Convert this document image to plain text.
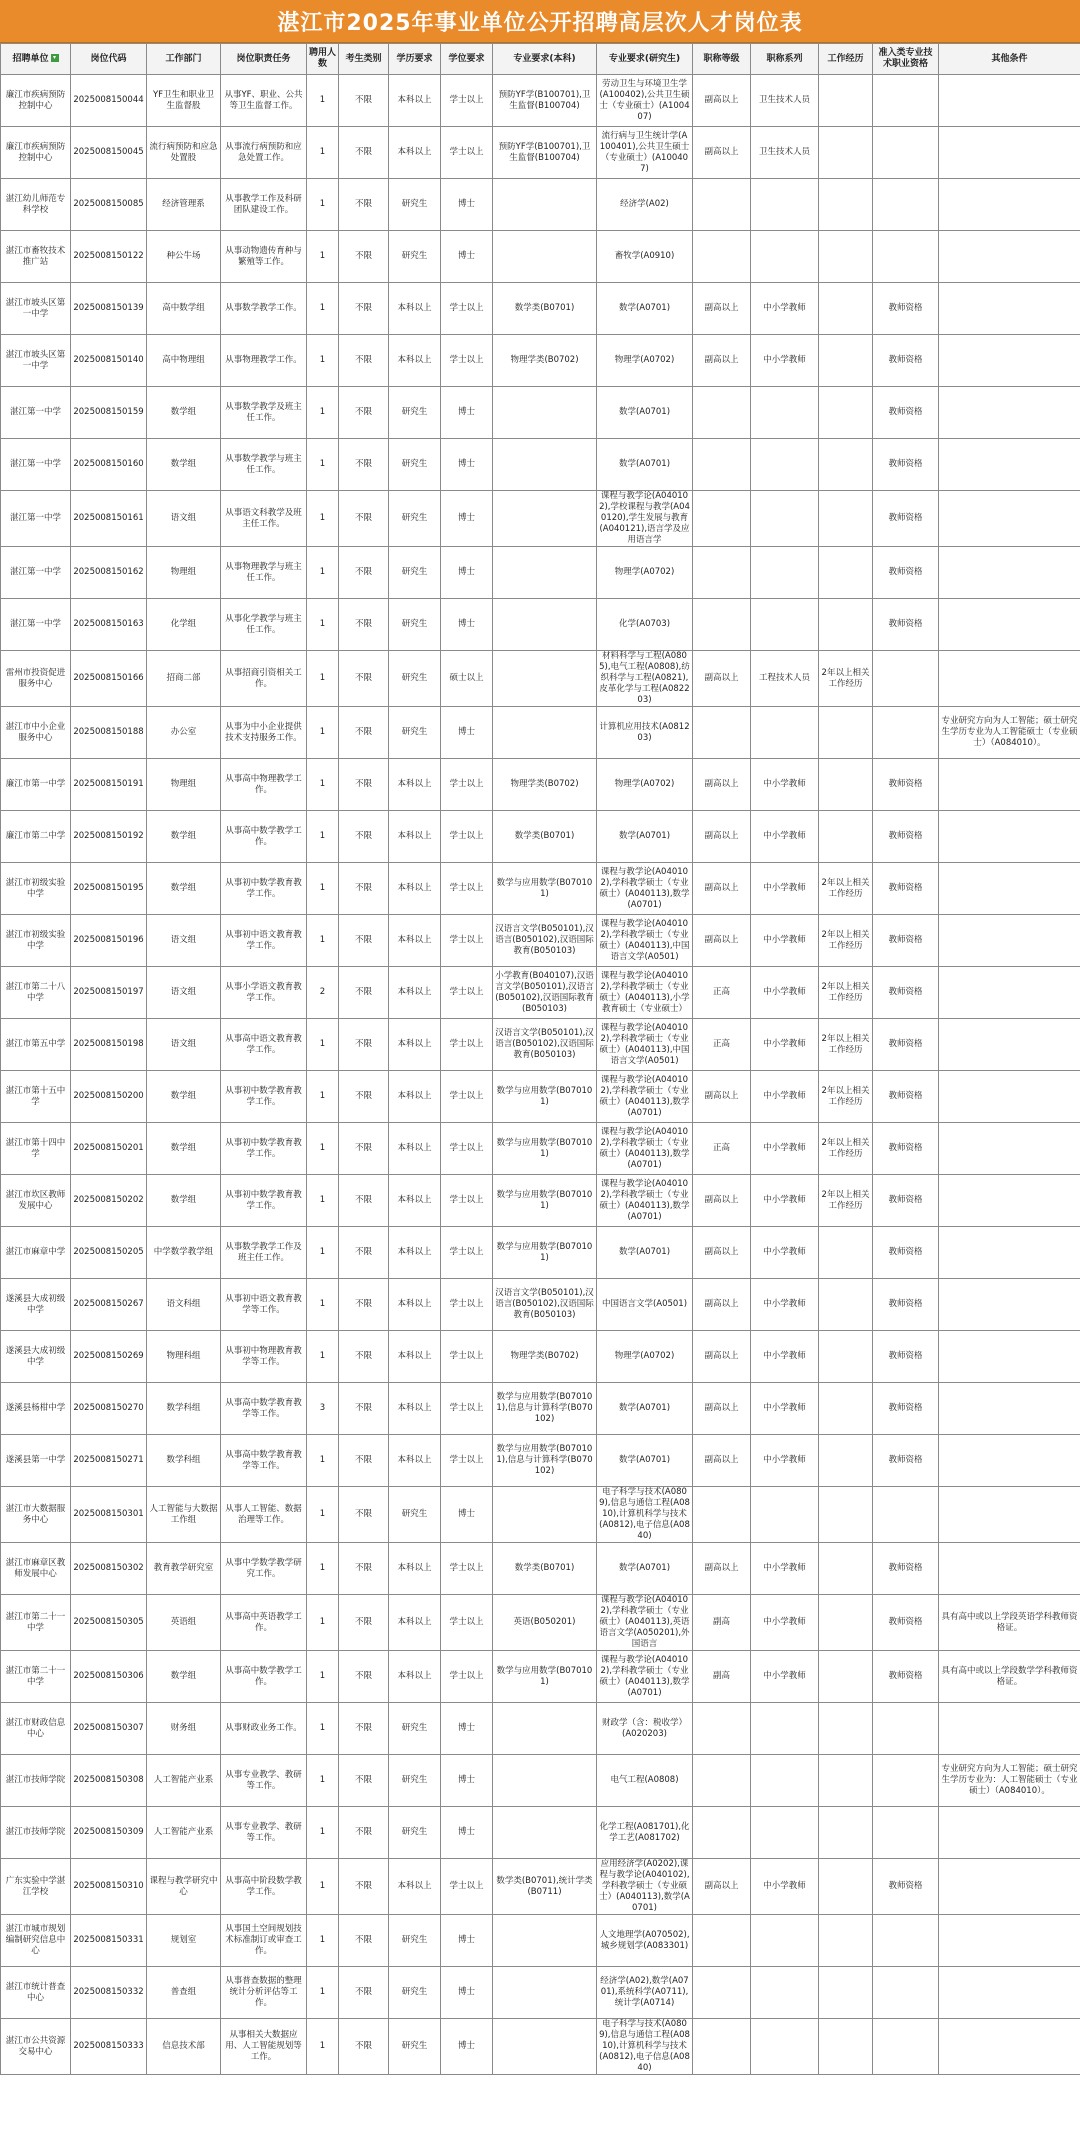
湛江市2025年事业单位公开招聘高层次人才岗位表
招聘单位 ▾	岗位代码	工作部门	岗位职责任务	聘用人数	考生类别	学历要求	学位要求	专业要求(本科)	专业要求(研究生)	职称等级	职称系列	工作经历	准入类专业技术职业资格	其他条件
廉江市疾病预防控制中心	2025008150044	YF卫生和职业卫生监督股	从事YF、职业、公共等卫生监督工作。	1	不限	本科以上	学士以上	预防YF学(B100701),卫生监督(B100704)	劳动卫生与环境卫生学(A100402),公共卫生硕士（专业硕士）(A100407)	副高以上	卫生技术人员			
廉江市疾病预防控制中心	2025008150045	流行病预防和应急处置股	从事流行病预防和应急处置工作。	1	不限	本科以上	学士以上	预防YF学(B100701),卫生监督(B100704)	流行病与卫生统计学(A100401),公共卫生硕士（专业硕士）(A100407)	副高以上	卫生技术人员			
湛江幼儿师范专科学校	2025008150085	经济管理系	从事教学工作及科研团队建设工作。	1	不限	研究生	博士		经济学(A02)					
湛江市畜牧技术推广站	2025008150122	种公牛场	从事动物遗传育种与繁殖等工作。	1	不限	研究生	博士		畜牧学(A0910)					
湛江市坡头区第一中学	2025008150139	高中数学组	从事数学教学工作。	1	不限	本科以上	学士以上	数学类(B0701)	数学(A0701)	副高以上	中小学教师		教师资格	
湛江市坡头区第一中学	2025008150140	高中物理组	从事物理教学工作。	1	不限	本科以上	学士以上	物理学类(B0702)	物理学(A0702)	副高以上	中小学教师		教师资格	
湛江第一中学	2025008150159	数学组	从事数学教学及班主任工作。	1	不限	研究生	博士		数学(A0701)				教师资格	
湛江第一中学	2025008150160	数学组	从事数学教学与班主任工作。	1	不限	研究生	博士		数学(A0701)				教师资格	
湛江第一中学	2025008150161	语文组	从事语文科教学及班主任工作。	1	不限	研究生	博士		课程与教学论(A040102),学校课程与教学(A040120),学生发展与教育(A040121),语言学及应用语言学				教师资格	
湛江第一中学	2025008150162	物理组	从事物理教学与班主任工作。	1	不限	研究生	博士		物理学(A0702)				教师资格	
湛江第一中学	2025008150163	化学组	从事化学教学与班主任工作。	1	不限	研究生	博士		化学(A0703)				教师资格	
雷州市投资促进服务中心	2025008150166	招商二部	从事招商引资相关工作。	1	不限	研究生	硕士以上		材料科学与工程(A0805),电气工程(A0808),纺织科学与工程(A0821),皮革化学与工程(A082203)	副高以上	工程技术人员	2年以上相关工作经历		
湛江市中小企业服务中心	2025008150188	办公室	从事为中小企业提供技术支持服务工作。	1	不限	研究生	博士		计算机应用技术(A081203)					专业研究方向为人工智能；硕士研究生学历专业为人工智能硕士（专业硕士）（A084010）。
廉江市第一中学	2025008150191	物理组	从事高中物理教学工作。	1	不限	本科以上	学士以上	物理学类(B0702)	物理学(A0702)	副高以上	中小学教师		教师资格	
廉江市第二中学	2025008150192	数学组	从事高中数学教学工作。	1	不限	本科以上	学士以上	数学类(B0701)	数学(A0701)	副高以上	中小学教师		教师资格	
湛江市初级实验中学	2025008150195	数学组	从事初中数学教育教学工作。	1	不限	本科以上	学士以上	数学与应用数学(B070101)	课程与教学论(A040102),学科教学硕士（专业硕士）(A040113),数学(A0701)	副高以上	中小学教师	2年以上相关工作经历	教师资格	
湛江市初级实验中学	2025008150196	语文组	从事初中语文教育教学工作。	1	不限	本科以上	学士以上	汉语言文学(B050101),汉语言(B050102),汉语国际教育(B050103)	课程与教学论(A040102),学科教学硕士（专业硕士）(A040113),中国语言文学(A0501)	副高以上	中小学教师	2年以上相关工作经历	教师资格	
湛江市第二十八中学	2025008150197	语文组	从事小学语文教育教学工作。	2	不限	本科以上	学士以上	小学教育(B040107),汉语言文学(B050101),汉语言(B050102),汉语国际教育(B050103)	课程与教学论(A040102),学科教学硕士（专业硕士）(A040113),小学教育硕士（专业硕士）	正高	中小学教师	2年以上相关工作经历	教师资格	
湛江市第五中学	2025008150198	语文组	从事高中语文教育教学工作。	1	不限	本科以上	学士以上	汉语言文学(B050101),汉语言(B050102),汉语国际教育(B050103)	课程与教学论(A040102),学科教学硕士（专业硕士）(A040113),中国语言文学(A0501)	正高	中小学教师	2年以上相关工作经历	教师资格	
湛江市第十五中学	2025008150200	数学组	从事初中数学教育教学工作。	1	不限	本科以上	学士以上	数学与应用数学(B070101)	课程与教学论(A040102),学科教学硕士（专业硕士）(A040113),数学(A0701)	副高以上	中小学教师	2年以上相关工作经历	教师资格	
湛江市第十四中学	2025008150201	数学组	从事初中数学教育教学工作。	1	不限	本科以上	学士以上	数学与应用数学(B070101)	课程与教学论(A040102),学科教学硕士（专业硕士）(A040113),数学(A0701)	正高	中小学教师	2年以上相关工作经历	教师资格	
湛江市坎区教师发展中心	2025008150202	数学组	从事初中数学教育教学工作。	1	不限	本科以上	学士以上	数学与应用数学(B070101)	课程与教学论(A040102),学科教学硕士（专业硕士）(A040113),数学(A0701)	副高以上	中小学教师	2年以上相关工作经历	教师资格	
湛江市麻章中学	2025008150205	中学数学教学组	从事数学教学工作及班主任工作。	1	不限	本科以上	学士以上	数学与应用数学(B070101)	数学(A0701)	副高以上	中小学教师		教师资格	
遂溪县大成初级中学	2025008150267	语文科组	从事初中语文教育教学等工作。	1	不限	本科以上	学士以上	汉语言文学(B050101),汉语言(B050102),汉语国际教育(B050103)	中国语言文学(A0501)	副高以上	中小学教师		教师资格	
遂溪县大成初级中学	2025008150269	物理科组	从事初中物理教育教学等工作。	1	不限	本科以上	学士以上	物理学类(B0702)	物理学(A0702)	副高以上	中小学教师		教师资格	
遂溪县杨柑中学	2025008150270	数学科组	从事高中数学教育教学等工作。	3	不限	本科以上	学士以上	数学与应用数学(B070101),信息与计算科学(B070102)	数学(A0701)	副高以上	中小学教师		教师资格	
遂溪县第一中学	2025008150271	数学科组	从事高中数学教育教学等工作。	1	不限	本科以上	学士以上	数学与应用数学(B070101),信息与计算科学(B070102)	数学(A0701)	副高以上	中小学教师		教师资格	
湛江市大数据服务中心	2025008150301	人工智能与大数据工作组	从事人工智能、数据治理等工作。	1	不限	研究生	博士		电子科学与技术(A0809),信息与通信工程(A0810),计算机科学与技术(A0812),电子信息(A0840)					
湛江市麻章区教师发展中心	2025008150302	教育教学研究室	从事中学数学教学研究工作。	1	不限	本科以上	学士以上	数学类(B0701)	数学(A0701)	副高以上	中小学教师		教师资格	
湛江市第二十一中学	2025008150305	英语组	从事高中英语教学工作。	1	不限	本科以上	学士以上	英语(B050201)	课程与教学论(A040102),学科教学硕士（专业硕士）(A040113),英语语言文学(A050201),外国语言	副高	中小学教师		教师资格	具有高中或以上学段英语学科教师资格证。
湛江市第二十一中学	2025008150306	数学组	从事高中数学教学工作。	1	不限	本科以上	学士以上	数学与应用数学(B070101)	课程与教学论(A040102),学科教学硕士（专业硕士）(A040113),数学(A0701)	副高	中小学教师		教师资格	具有高中或以上学段数学学科教师资格证。
湛江市财政信息中心	2025008150307	财务组	从事财政业务工作。	1	不限	研究生	博士		财政学（含：税收学）(A020203)					
湛江市技师学院	2025008150308	人工智能产业系	从事专业教学、教研等工作。	1	不限	研究生	博士		电气工程(A0808)					专业研究方向为人工智能；硕士研究生学历专业为：人工智能硕士（专业硕士）（A084010）。
湛江市技师学院	2025008150309	人工智能产业系	从事专业教学、教研等工作。	1	不限	研究生	博士		化学工程(A081701),化学工艺(A081702)					
广东实验中学湛江学校	2025008150310	课程与教学研究中心	从事高中阶段数学教学工作。	1	不限	本科以上	学士以上	数学类(B0701),统计学类(B0711)	应用经济学(A0202),课程与教学论(A040102),学科教学硕士（专业硕士）(A040113),数学(A0701)	副高以上	中小学教师		教师资格	
湛江市城市规划编制研究信息中心	2025008150331	规划室	从事国土空间规划技术标准制订或审查工作。	1	不限	研究生	博士		人文地理学(A070502),城乡规划学(A083301)					
湛江市统计普查中心	2025008150332	普查组	从事普查数据的整理统计分析评估等工作。	1	不限	研究生	博士		经济学(A02),数学(A0701),系统科学(A0711),统计学(A0714)					
湛江市公共资源交易中心	2025008150333	信息技术部	从事相关大数据应用、人工智能规划等工作。	1	不限	研究生	博士		电子科学与技术(A0809),信息与通信工程(A0810),计算机科学与技术(A0812),电子信息(A0840)					
